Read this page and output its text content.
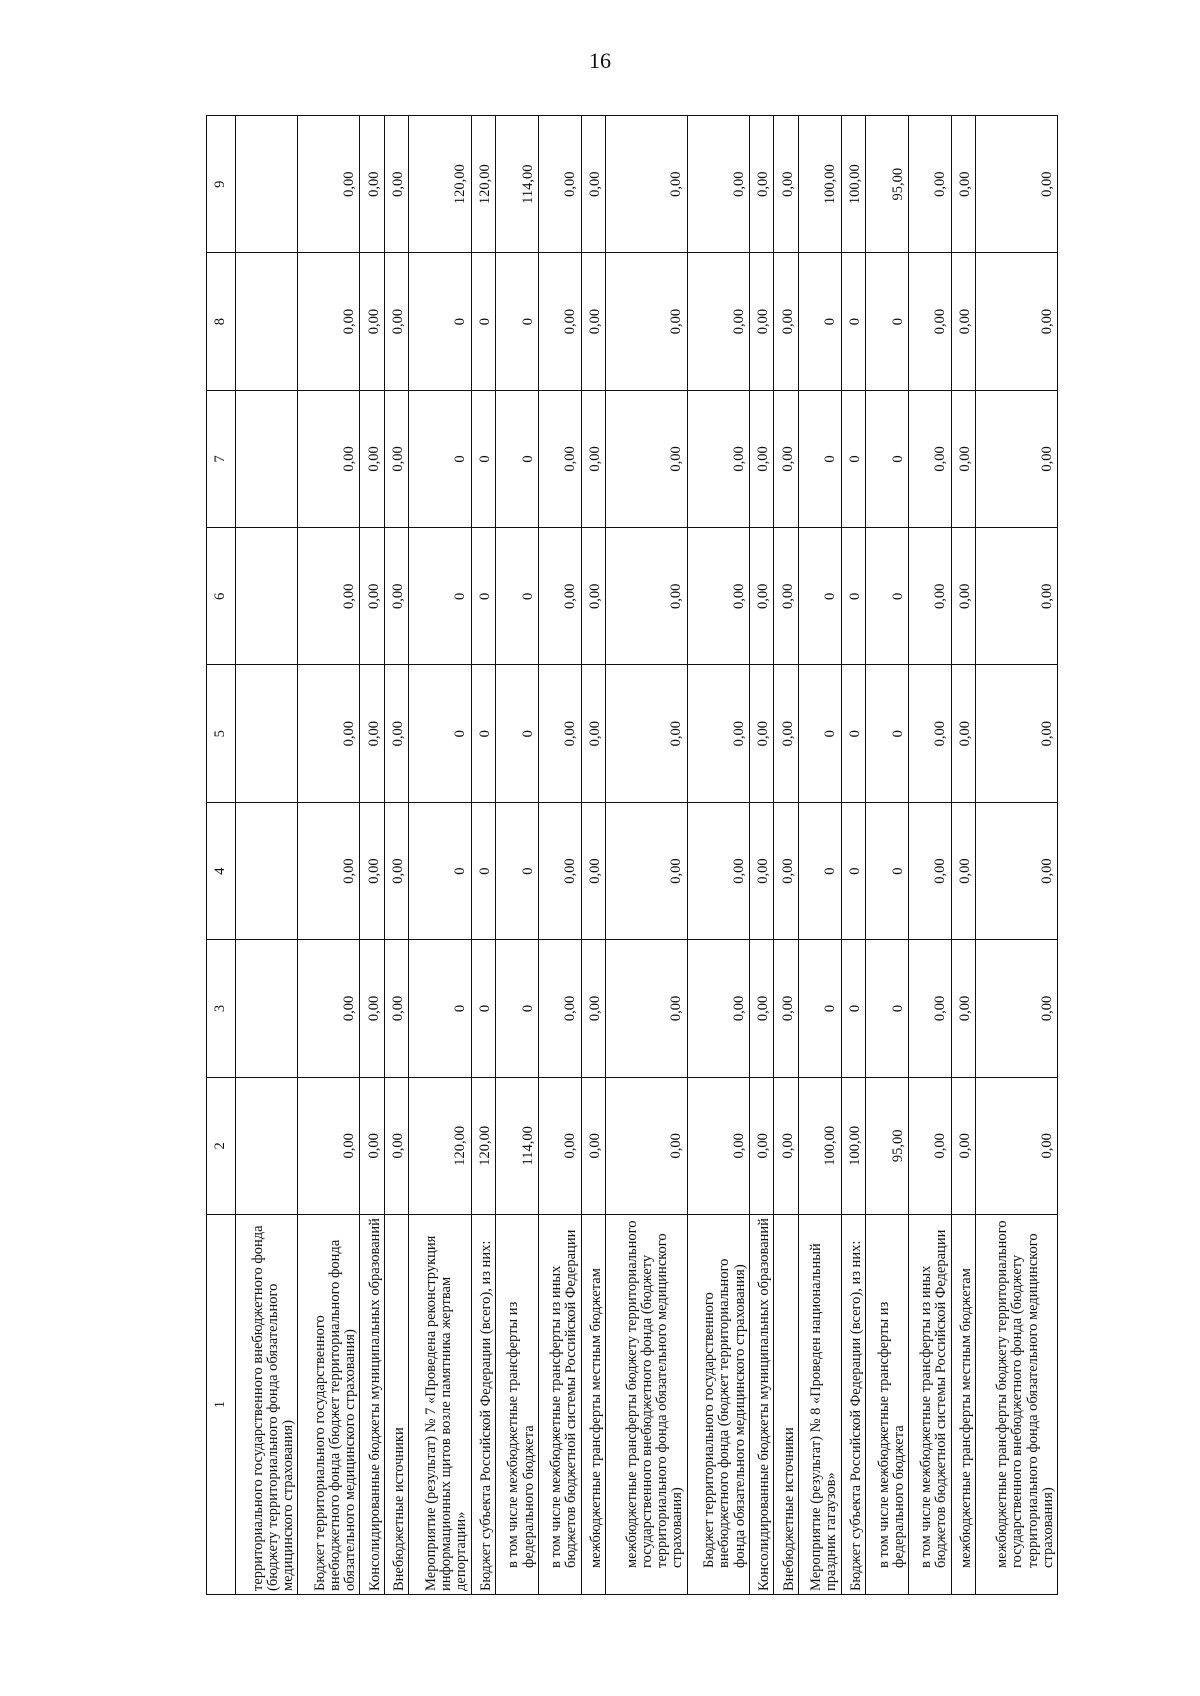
16
1	2	3	4	5	6	7	8	9
территориального государственного внебюджетного фонда (бюджету территориального фонда обязательного медицинского страхования)								
Бюджет территориального государственного внебюджетного фонда (бюджет территориального фонда обязательного медицинского страхования)	0,00	0,00	0,00	0,00	0,00	0,00	0,00	0,00
Консолидированные бюджеты муниципальных образований	0,00	0,00	0,00	0,00	0,00	0,00	0,00	0,00
Внебюджетные источники	0,00	0,00	0,00	0,00	0,00	0,00	0,00	0,00
Мероприятие (результат) № 7 «Проведена реконструкция информационных щитов возле памятника жертвам депортации»	120,00	0	0	0	0	0	0	120,00
Бюджет субъекта Российской Федерации (всего), из них:	120,00	0	0	0	0	0	0	120,00
в том числе межбюджетные трансферты из федерального бюджета	114,00	0	0	0	0	0	0	114,00
в том числе межбюджетные трансферты из иных бюджетов бюджетной системы Российской Федерации	0,00	0,00	0,00	0,00	0,00	0,00	0,00	0,00
межбюджетные трансферты местным бюджетам	0,00	0,00	0,00	0,00	0,00	0,00	0,00	0,00
межбюджетные трансферты бюджету территориального государственного внебюджетного фонда (бюджету территориального фонда обязательного медицинского страхования)	0,00	0,00	0,00	0,00	0,00	0,00	0,00	0,00
Бюджет территориального государственного внебюджетного фонда (бюджет территориального фонда обязательного медицинского страхования)	0,00	0,00	0,00	0,00	0,00	0,00	0,00	0,00
Консолидированные бюджеты муниципальных образований	0,00	0,00	0,00	0,00	0,00	0,00	0,00	0,00
Внебюджетные источники	0,00	0,00	0,00	0,00	0,00	0,00	0,00	0,00
Мероприятие (результат) № 8 «Проведен национальный праздник гагаузов»	100,00	0	0	0	0	0	0	100,00
Бюджет субъекта Российской Федерации (всего), из них:	100,00	0	0	0	0	0	0	100,00
в том числе межбюджетные трансферты из федерального бюджета	95,00	0	0	0	0	0	0	95,00
в том числе межбюджетные трансферты из иных бюджетов бюджетной системы Российской Федерации	0,00	0,00	0,00	0,00	0,00	0,00	0,00	0,00
межбюджетные трансферты местным бюджетам	0,00	0,00	0,00	0,00	0,00	0,00	0,00	0,00
межбюджетные трансферты бюджету территориального государственного внебюджетного фонда (бюджету территориального фонда обязательного медицинского страхования)	0,00	0,00	0,00	0,00	0,00	0,00	0,00	0,00
